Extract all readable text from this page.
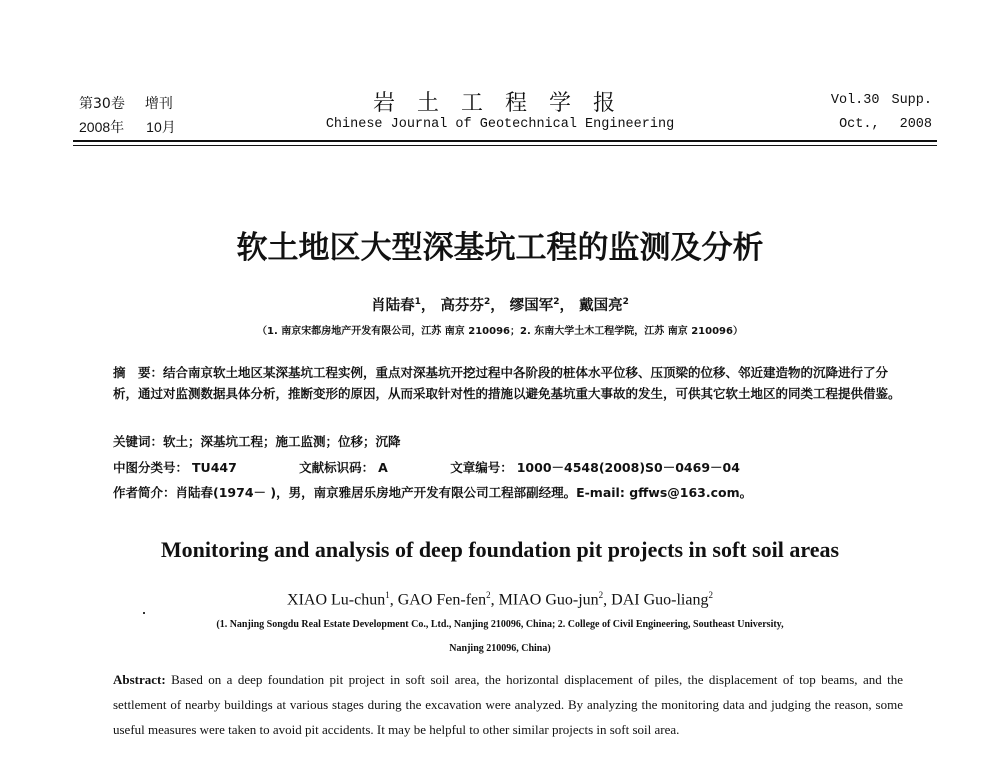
第30卷 增刊
2008年 10月
岩土工程学报
Chinese Journal of Geotechnical Engineering
Vol.30 Supp.
Oct., 2008
软土地区大型深基坑工程的监测及分析
肖陆春$^1$， 高芬芬$^2$， 缪国军$^2$， 戴国亮$^2$
（1. 南京宋都房地产开发有限公司，江苏 南京 210096；2. 东南大学土木工程学院，江苏 南京 210096）
摘　要：结合南京软土地区某深基坑工程实例，重点对深基坑开挖过程中各阶段的桩体水平位移、压顶梁的位移、邻近建造物的沉降进行了分析，通过对监测数据具体分析，推断变形的原因，从而采取针对性的措施以避免基坑重大事故的发生，可供其它软土地区的同类工程提供借鉴。
关键词：软土；深基坑工程；施工监测；位移；沉降
中图分类号： TU447	文献标识码： A	文章编号： 1000－4548(2008)S0－0469－04
作者简介：肖陆春(1974－ )，男，南京雅居乐房地产开发有限公司工程部副经理。E-mail: gffws@163.com。
Monitoring and analysis of deep foundation pit projects in soft soil areas
XIAO Lu-chun$^1$, GAO Fen-fen$^2$, MIAO Guo-jun$^2$, DAI Guo-liang$^2$
(1. Nanjing Songdu Real Estate Development Co., Ltd., Nanjing 210096, China; 2. College of Civil Engineering, Southeast University,
Nanjing 210096, China)
Abstract: Based on a deep foundation pit project in soft soil area, the horizontal displacement of piles, the displacement of top beams, and the settlement of nearby buildings at various stages during the excavation were analyzed. By analyzing the monitoring data and judging the reason, some useful measures were taken to avoid pit accidents. It may be helpful to other similar projects in soft soil area.
